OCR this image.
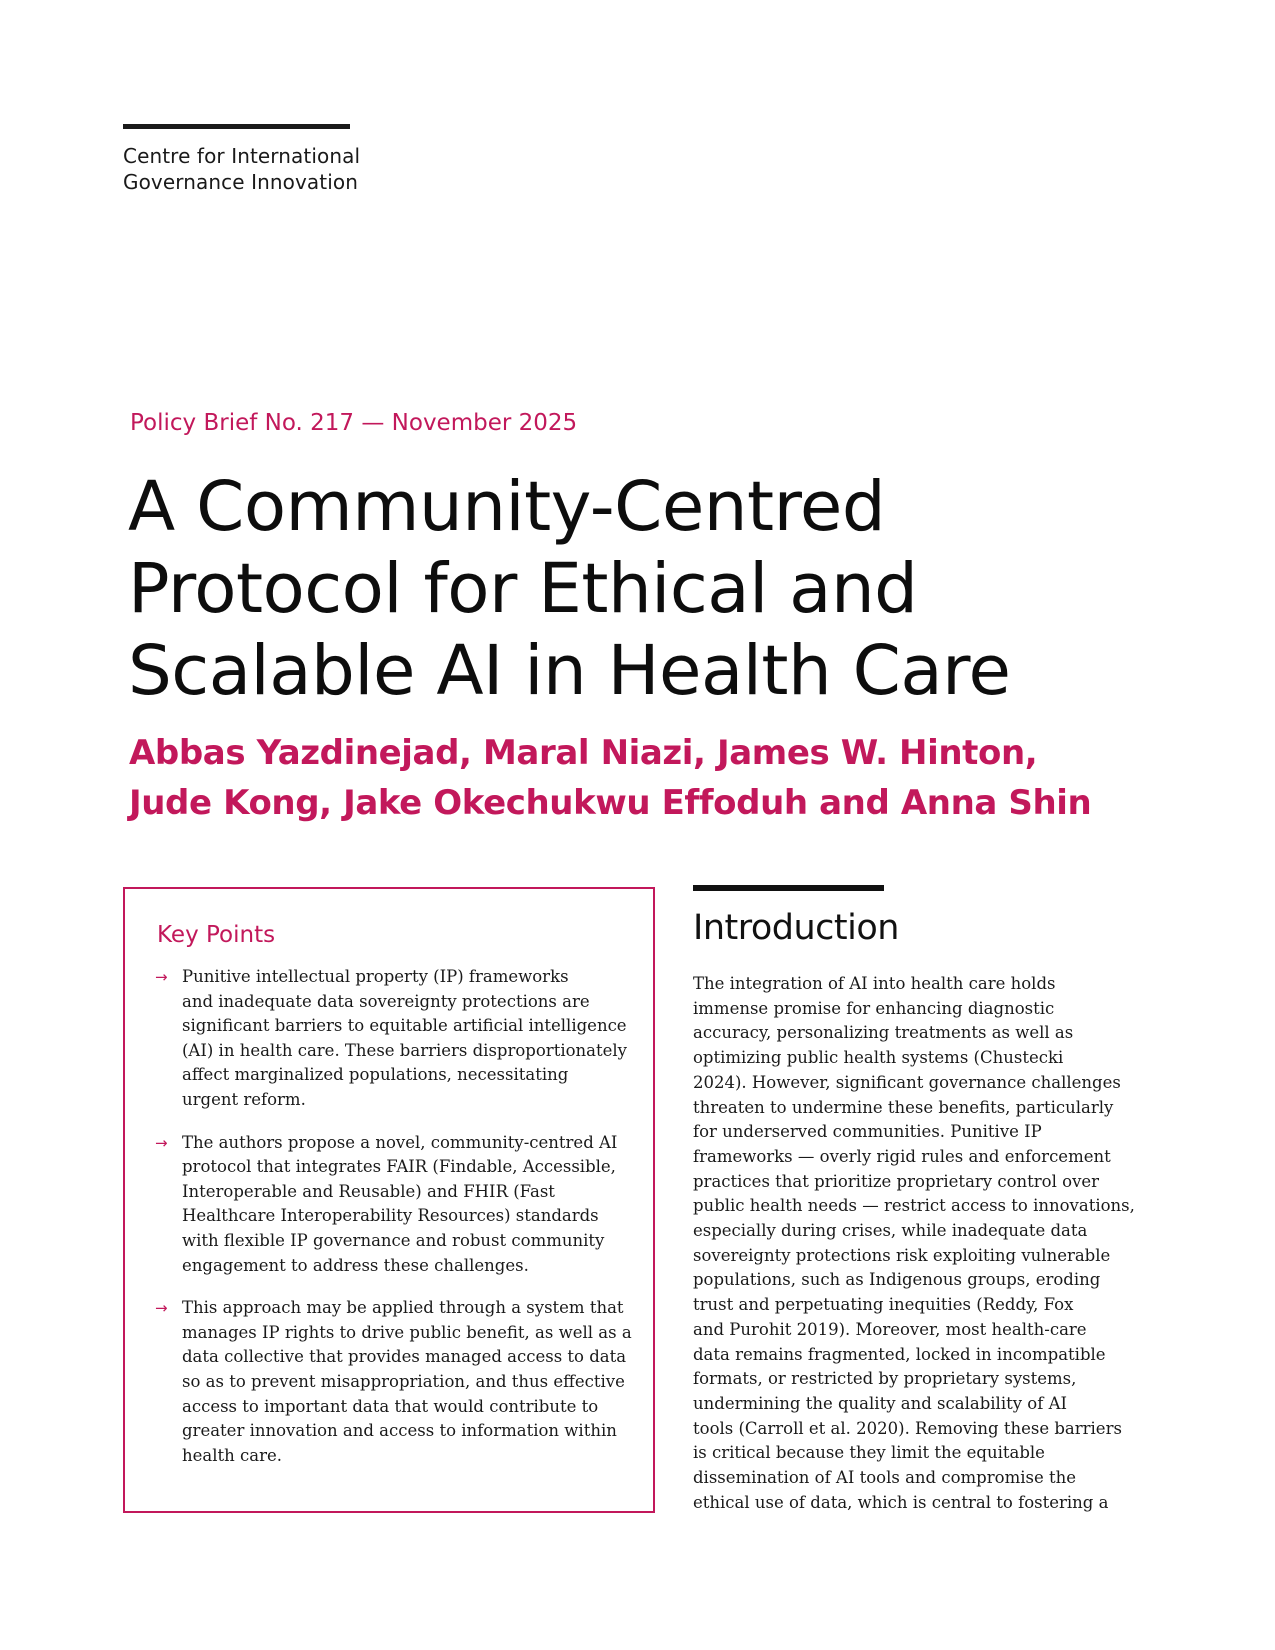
Centre for International
Governance Innovation
Policy Brief No. 217 — November 2025
A Community-Centred
Protocol for Ethical and
Scalable AI in Health Care
Abbas Yazdinejad, Maral Niazi, James W. Hinton,
Jude Kong, Jake Okechukwu Effoduh and Anna Shin
Key Points
→ Punitive intellectual property (IP) frameworks
and inadequate data sovereignty protections are
significant barriers to equitable artificial intelligence
(AI) in health care. These barriers disproportionately
affect marginalized populations, necessitating
urgent reform.
→ The authors propose a novel, community-centred AI
protocol that integrates FAIR (Findable, Accessible,
Interoperable and Reusable) and FHIR (Fast
Healthcare Interoperability Resources) standards
with flexible IP governance and robust community
engagement to address these challenges.
→ This approach may be applied through a system that
manages IP rights to drive public benefit, as well as a
data collective that provides managed access to data
so as to prevent misappropriation, and thus effective
access to important data that would contribute to
greater innovation and access to information within
health care.
Introduction
The integration of AI into health care holds
immense promise for enhancing diagnostic
accuracy, personalizing treatments as well as
optimizing public health systems (Chustecki
2024). However, significant governance challenges
threaten to undermine these benefits, particularly
for underserved communities. Punitive IP
frameworks — overly rigid rules and enforcement
practices that prioritize proprietary control over
public health needs — restrict access to innovations,
especially during crises, while inadequate data
sovereignty protections risk exploiting vulnerable
populations, such as Indigenous groups, eroding
trust and perpetuating inequities (Reddy, Fox
and Purohit 2019). Moreover, most health-care
data remains fragmented, locked in incompatible
formats, or restricted by proprietary systems,
undermining the quality and scalability of AI
tools (Carroll et al. 2020). Removing these barriers
is critical because they limit the equitable
dissemination of AI tools and compromise the
ethical use of data, which is central to fostering a
